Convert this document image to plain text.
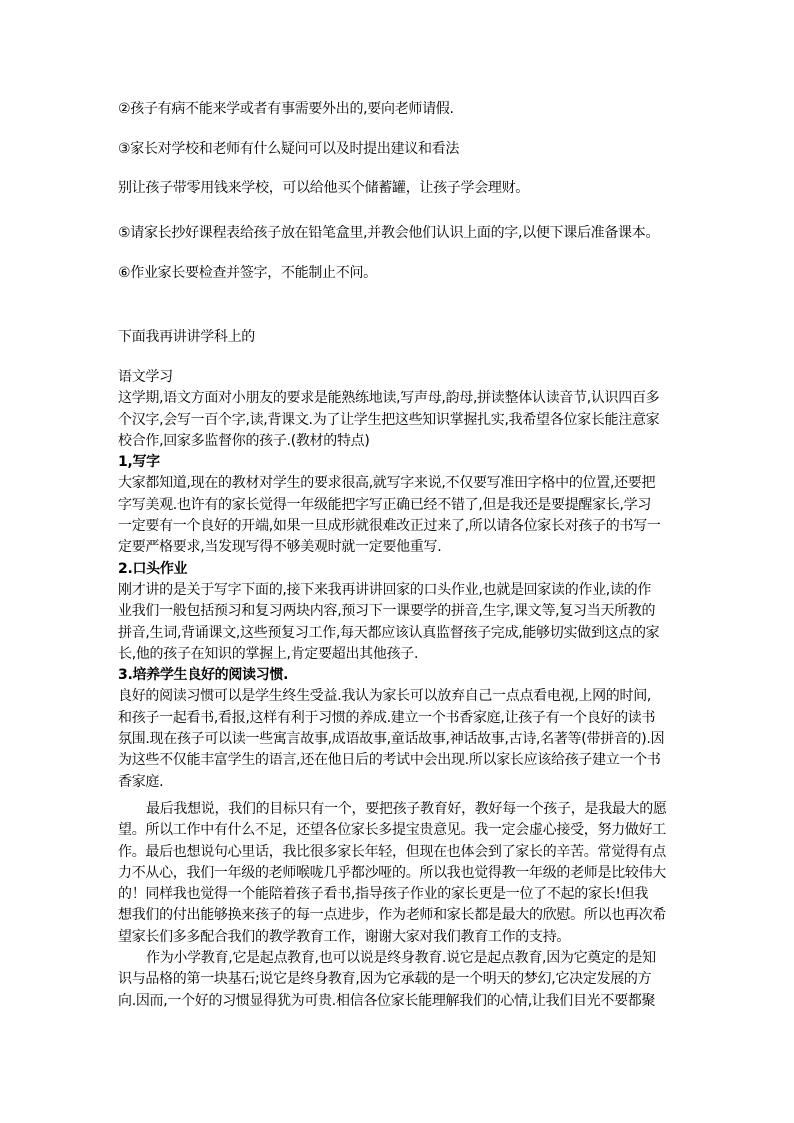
②孩子有病不能来学或者有事需要外出的,要向老师请假.

③家长对学校和老师有什么疑问可以及时提出建议和看法

别让孩子带零用钱来学校，可以给他买个储蓄罐，让孩子学会理财。

⑤请家长抄好课程表给孩子放在铅笔盒里,并教会他们认识上面的字,以便下课后准备课本。

⑥作业家长要检查并签字，不能制止不问。

下面我再讲讲学科上的

语文学习
这学期,语文方面对小朋友的要求是能熟练地读,写声母,韵母,拼读整体认读音节,认识四百多
个汉字,会写一百个字,读,背课文.为了让学生把这些知识掌握扎实,我希望各位家长能注意家
校合作,回家多监督你的孩子.(教材的特点)
1,写字
大家都知道,现在的教材对学生的要求很高,就写字来说,不仅要写准田字格中的位置,还要把
字写美观.也许有的家长觉得一年级能把字写正确已经不错了,但是我还是要提醒家长,学习
一定要有一个良好的开端,如果一旦成形就很难改正过来了,所以请各位家长对孩子的书写一
定要严格要求,当发现写得不够美观时就一定要他重写.
2.口头作业
刚才讲的是关于写字下面的,接下来我再讲讲回家的口头作业,也就是回家读的作业,读的作
业我们一般包括预习和复习两块内容,预习下一课要学的拼音,生字,课文等,复习当天所教的
拼音,生词,背诵课文,这些预复习工作,每天都应该认真监督孩子完成,能够切实做到这点的家
长,他的孩子在知识的掌握上,肯定要超出其他孩子.
3.培养学生良好的阅读习惯.
良好的阅读习惯可以是学生终生受益.我认为家长可以放弃自己一点点看电视,上网的时间,
和孩子一起看书,看报,这样有利于习惯的养成.建立一个书香家庭,让孩子有一个良好的读书
氛围.现在孩子可以读一些寓言故事,成语故事,童话故事,神话故事,古诗,名著等(带拼音的).因
为这些不仅能丰富学生的语言,还在他日后的考试中会出现.所以家长应该给孩子建立一个书
香家庭.
最后我想说，我们的目标只有一个，要把孩子教育好，教好每一个孩子，是我最大的愿
望。所以工作中有什么不足，还望各位家长多提宝贵意见。我一定会虚心接受，努力做好工
作。最后也想说句心里话，我比很多家长年轻，但现在也体会到了家长的辛苦。常觉得有点
力不从心，我们一年级的老师喉咙几乎都沙哑的。所以我也觉得教一年级的老师是比较伟大
的！同样我也觉得一个能陪着孩子看书,指导孩子作业的家长更是一位了不起的家长!但我
想我们的付出能够换来孩子的每一点进步，作为老师和家长都是最大的欣慰。所以也再次希
望家长们多多配合我们的教学教育工作，谢谢大家对我们教育工作的支持。
作为小学教育,它是起点教育,也可以说是终身教育.说它是起点教育,因为它奠定的是知
识与品格的第一块基石;说它是终身教育,因为它承载的是一个明天的梦幻,它决定发展的方
向.因而,一个好的习惯显得犹为可贵.相信各位家长能理解我们的心情,让我们目光不要都聚
